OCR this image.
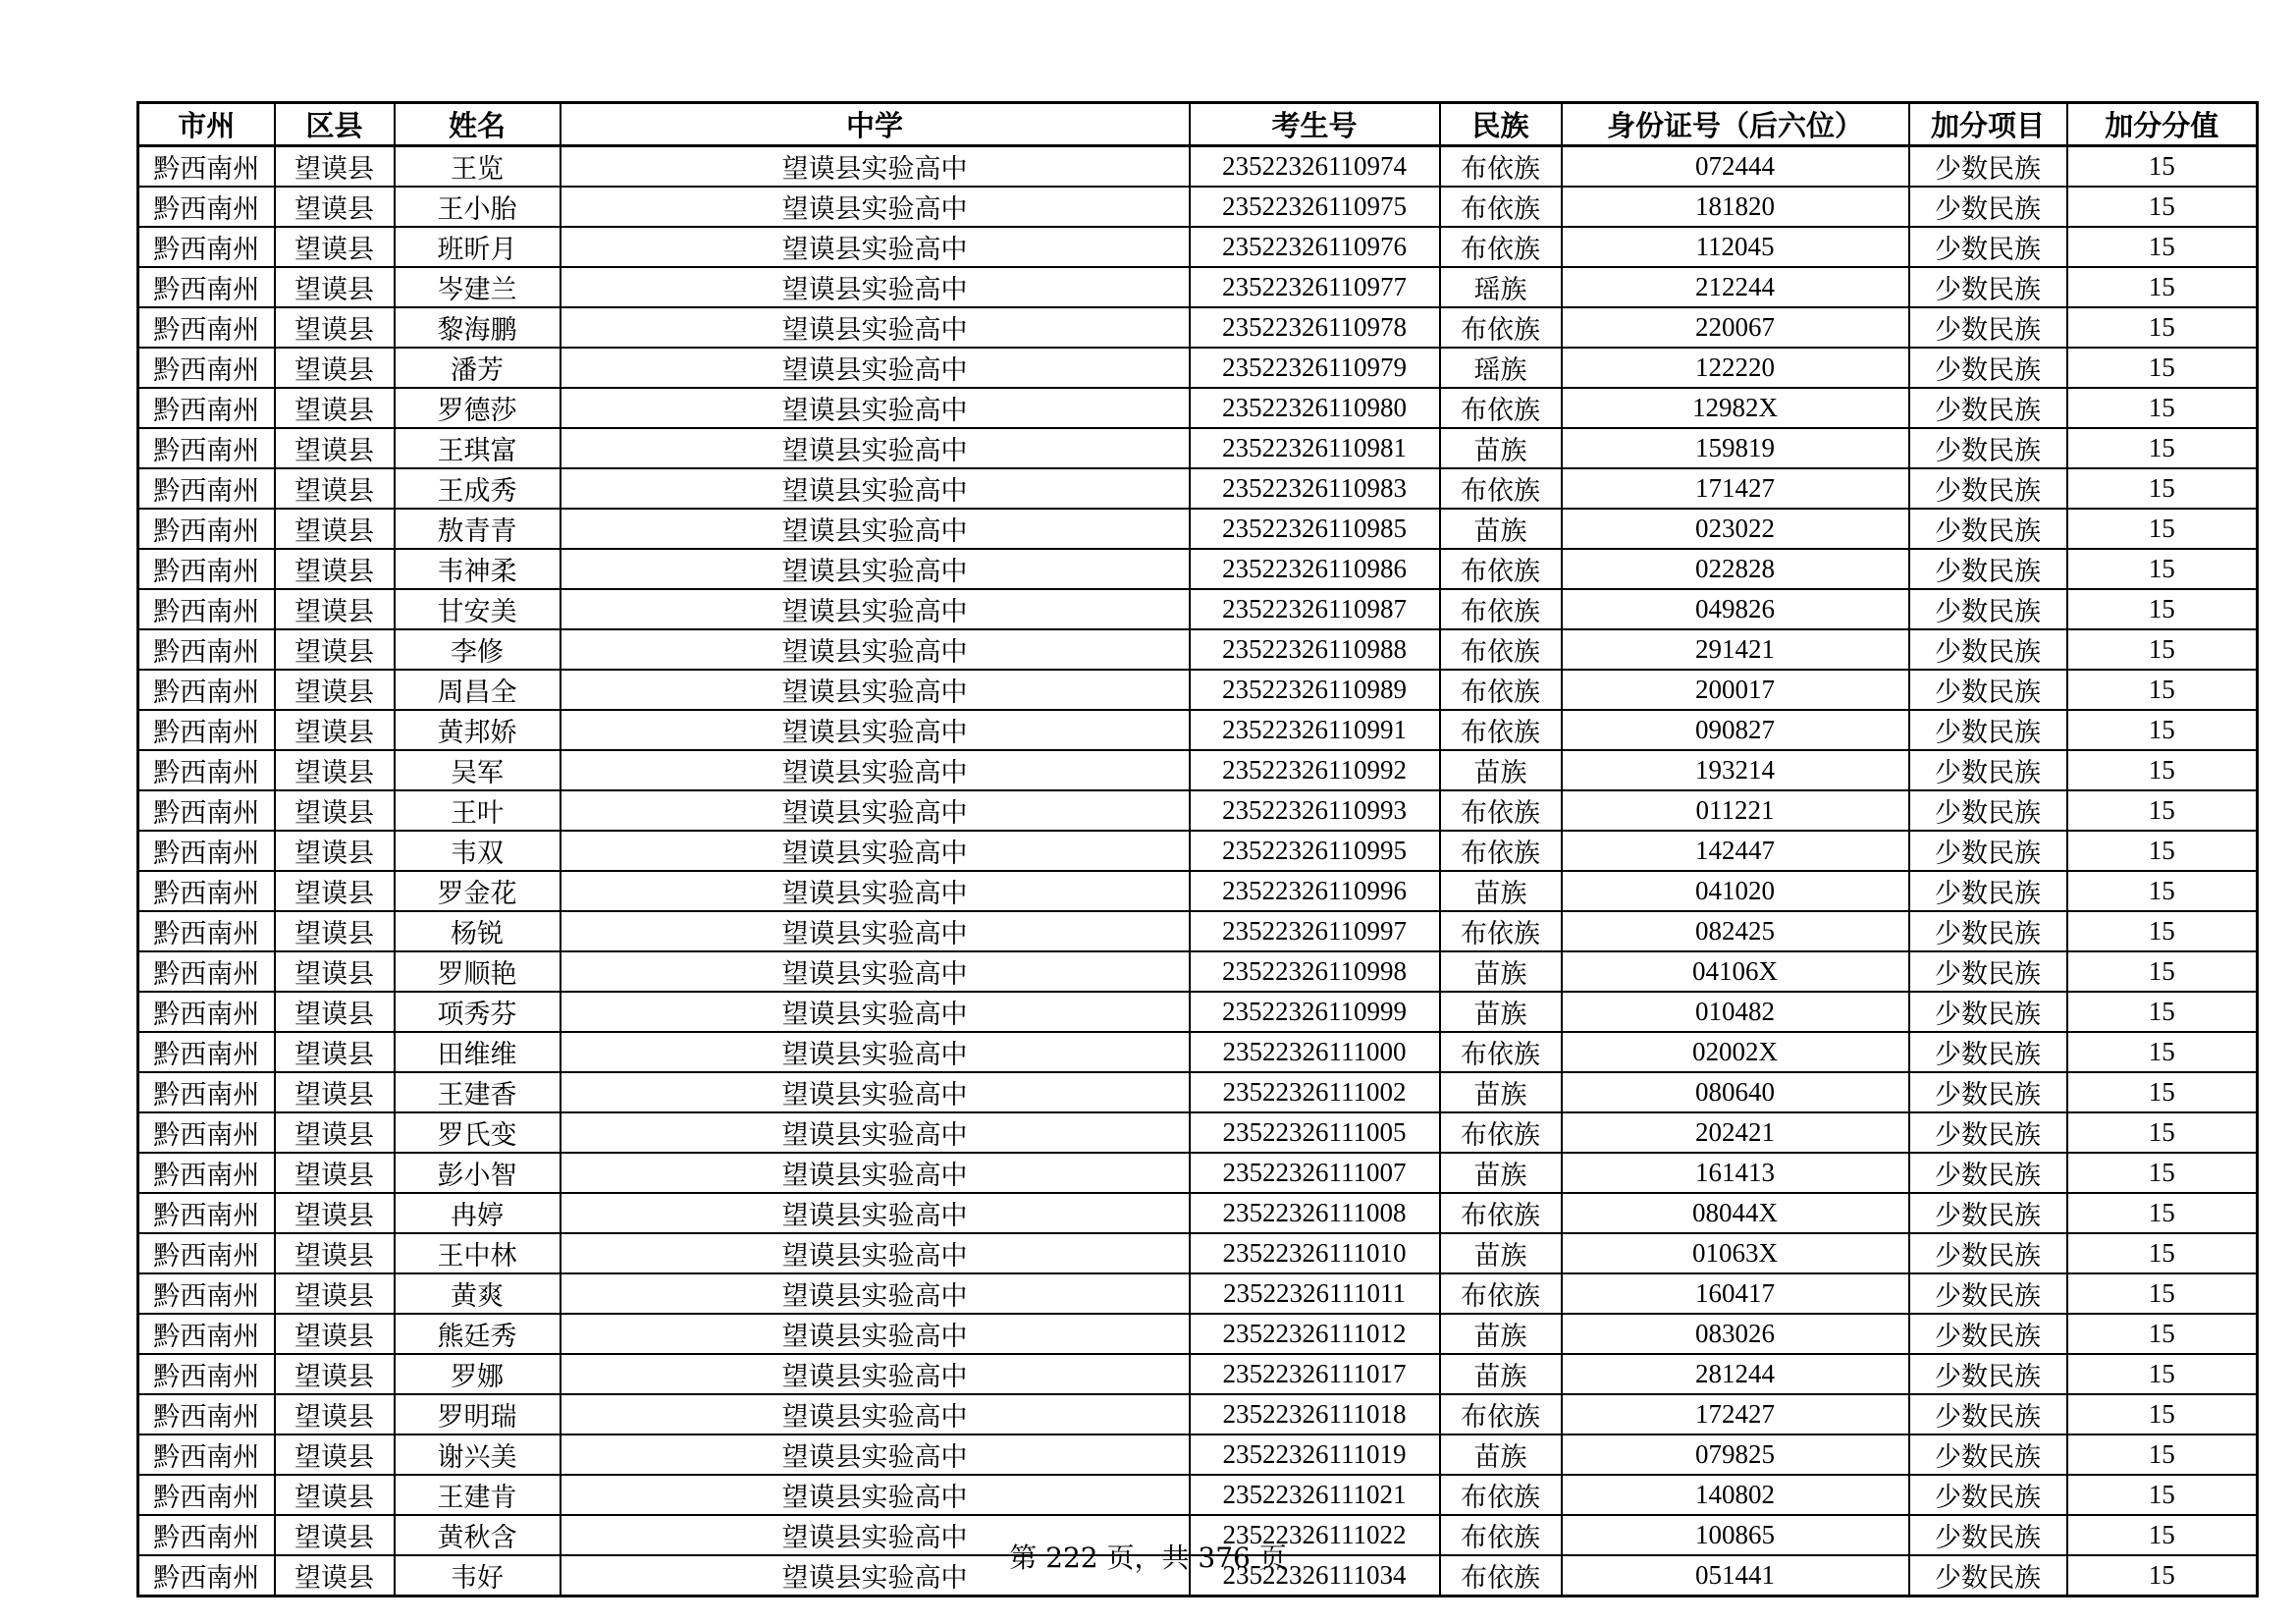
市州	区县	姓名	中学	考生号	民族	身份证号（后六位）	加分项目	加分分值
黔西南州	望谟县	王览	望谟县实验高中	23522326110974	布依族	072444	少数民族	15
黔西南州	望谟县	王小胎	望谟县实验高中	23522326110975	布依族	181820	少数民族	15
黔西南州	望谟县	班昕月	望谟县实验高中	23522326110976	布依族	112045	少数民族	15
黔西南州	望谟县	岑建兰	望谟县实验高中	23522326110977	瑶族	212244	少数民族	15
黔西南州	望谟县	黎海鹏	望谟县实验高中	23522326110978	布依族	220067	少数民族	15
黔西南州	望谟县	潘芳	望谟县实验高中	23522326110979	瑶族	122220	少数民族	15
黔西南州	望谟县	罗德莎	望谟县实验高中	23522326110980	布依族	12982X	少数民族	15
黔西南州	望谟县	王琪富	望谟县实验高中	23522326110981	苗族	159819	少数民族	15
黔西南州	望谟县	王成秀	望谟县实验高中	23522326110983	布依族	171427	少数民族	15
黔西南州	望谟县	敖青青	望谟县实验高中	23522326110985	苗族	023022	少数民族	15
黔西南州	望谟县	韦神柔	望谟县实验高中	23522326110986	布依族	022828	少数民族	15
黔西南州	望谟县	甘安美	望谟县实验高中	23522326110987	布依族	049826	少数民族	15
黔西南州	望谟县	李修	望谟县实验高中	23522326110988	布依族	291421	少数民族	15
黔西南州	望谟县	周昌全	望谟县实验高中	23522326110989	布依族	200017	少数民族	15
黔西南州	望谟县	黄邦娇	望谟县实验高中	23522326110991	布依族	090827	少数民族	15
黔西南州	望谟县	吴军	望谟县实验高中	23522326110992	苗族	193214	少数民族	15
黔西南州	望谟县	王叶	望谟县实验高中	23522326110993	布依族	011221	少数民族	15
黔西南州	望谟县	韦双	望谟县实验高中	23522326110995	布依族	142447	少数民族	15
黔西南州	望谟县	罗金花	望谟县实验高中	23522326110996	苗族	041020	少数民族	15
黔西南州	望谟县	杨锐	望谟县实验高中	23522326110997	布依族	082425	少数民族	15
黔西南州	望谟县	罗顺艳	望谟县实验高中	23522326110998	苗族	04106X	少数民族	15
黔西南州	望谟县	项秀芬	望谟县实验高中	23522326110999	苗族	010482	少数民族	15
黔西南州	望谟县	田维维	望谟县实验高中	23522326111000	布依族	02002X	少数民族	15
黔西南州	望谟县	王建香	望谟县实验高中	23522326111002	苗族	080640	少数民族	15
黔西南州	望谟县	罗氏变	望谟县实验高中	23522326111005	布依族	202421	少数民族	15
黔西南州	望谟县	彭小智	望谟县实验高中	23522326111007	苗族	161413	少数民族	15
黔西南州	望谟县	冉婷	望谟县实验高中	23522326111008	布依族	08044X	少数民族	15
黔西南州	望谟县	王中林	望谟县实验高中	23522326111010	苗族	01063X	少数民族	15
黔西南州	望谟县	黄爽	望谟县实验高中	23522326111011	布依族	160417	少数民族	15
黔西南州	望谟县	熊廷秀	望谟县实验高中	23522326111012	苗族	083026	少数民族	15
黔西南州	望谟县	罗娜	望谟县实验高中	23522326111017	苗族	281244	少数民族	15
黔西南州	望谟县	罗明瑞	望谟县实验高中	23522326111018	布依族	172427	少数民族	15
黔西南州	望谟县	谢兴美	望谟县实验高中	23522326111019	苗族	079825	少数民族	15
黔西南州	望谟县	王建肯	望谟县实验高中	23522326111021	布依族	140802	少数民族	15
黔西南州	望谟县	黄秋含	望谟县实验高中	23522326111022	布依族	100865	少数民族	15
黔西南州	望谟县	韦好	望谟县实验高中	23522326111034	布依族	051441	少数民族	15
第 222 页，共 376 页
